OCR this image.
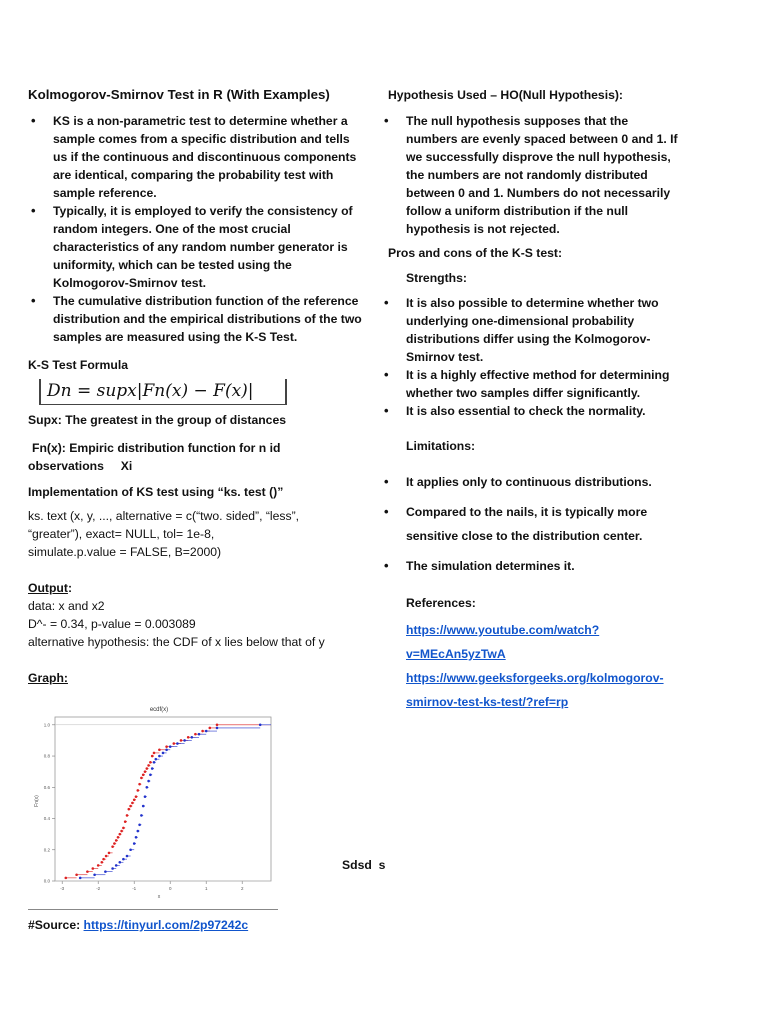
Kolmogorov-Smirnov Test in R (With Examples)
• KS is a non-parametric test to determine whether a sample comes from a specific distribution and tells us if the continuous and discontinuous components are identical, comparing the probability test with sample reference.
• Typically, it is employed to verify the consistency of random integers. One of the most crucial characteristics of any random number generator is uniformity, which can be tested using the Kolmogorov-Smirnov test.
• The cumulative distribution function of the reference distribution and the empirical distributions of the two samples are measured using the K-S Test.
K-S Test Formula
Dn = supx|Fn(x) − F(x)|
Supx: The greatest in the group of distances
Fn(x): Empiric distribution function for n id
observations     Xi
Implementation of KS test using “ks. test ()”
ks. text (x, y, ..., alternative = c(“two. sided”, “less”,
“greater”), exact= NULL, tol= 1e-8,
simulate.p.value = FALSE, B=2000)
Output:
data: x and x2
D^- = 0.34, p-value = 0.003089
alternative hypothesis: the CDF of x lies below that of y
Graph:
ecdf(x)
-3	-2	-1	0	1	2
0.0
0.2
0.4
0.6
0.8
1.0
x
Fn(x)
#Source: https://tinyurl.com/2p97242c
Sdsd  s
Hypothesis Used – HO(Null Hypothesis):
• The null hypothesis supposes that the numbers are evenly spaced between 0 and 1. If we successfully disprove the null hypothesis, the numbers are not randomly distributed between 0 and 1. Numbers do not necessarily follow a uniform distribution if the null hypothesis is not rejected.
Pros and cons of the K-S test:
Strengths:
• It is also possible to determine whether two underlying one-dimensional probability distributions differ using the Kolmogorov-Smirnov test.
• It is a highly effective method for determining whether two samples differ significantly.
• It is also essential to check the normality.
Limitations:
• It applies only to continuous distributions.
• Compared to the nails, it is typically more sensitive close to the distribution center.
• The simulation determines it.
References:
https://www.youtube.com/watch?
v=MEcAn5yzTwA
https://www.geeksforgeeks.org/kolmogorov-
smirnov-test-ks-test/?ref=rp
